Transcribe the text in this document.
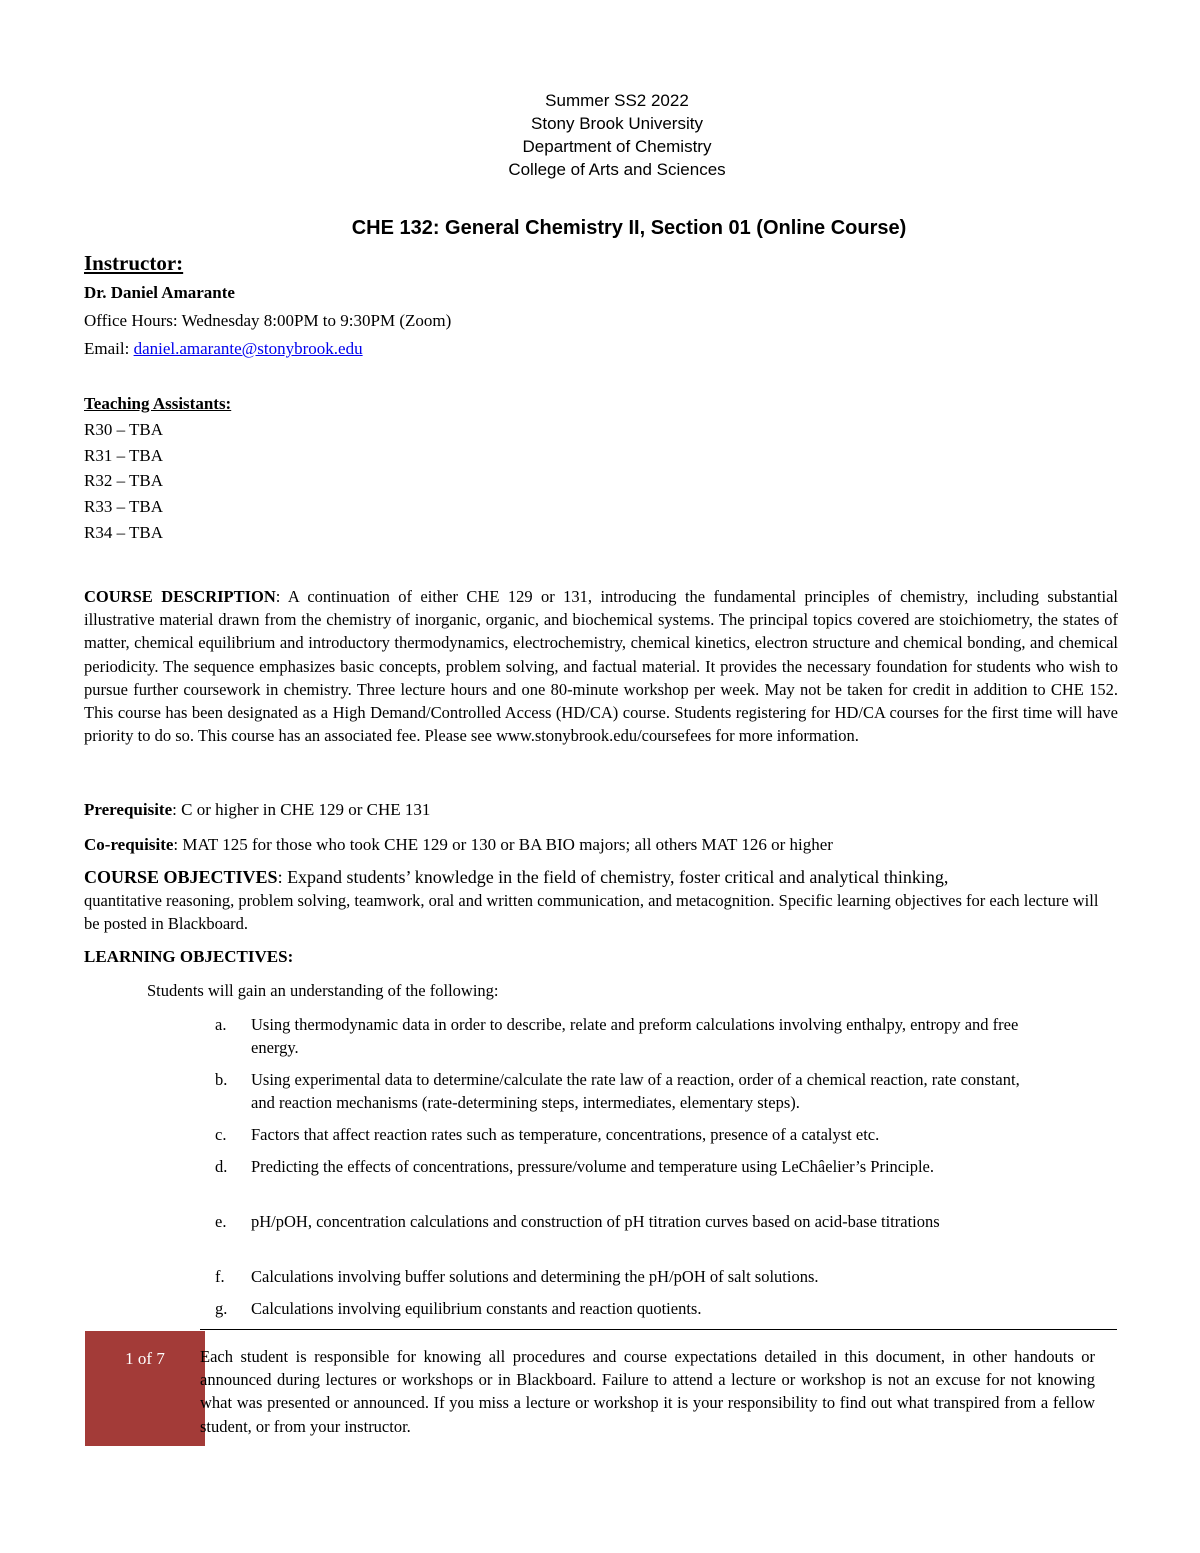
Summer SS2 2022
Stony Brook University
Department of Chemistry
College of Arts and Sciences
CHE 132: General Chemistry II, Section 01 (Online Course)
Instructor:
Dr. Daniel Amarante
Office Hours: Wednesday 8:00PM to 9:30PM (Zoom)
Email: daniel.amarante@stonybrook.edu
Teaching Assistants:
R30 – TBA
R31 – TBA
R32 – TBA
R33 – TBA
R34 – TBA
COURSE DESCRIPTION: A continuation of either CHE 129 or 131, introducing the fundamental principles of chemistry, including substantial illustrative material drawn from the chemistry of inorganic, organic, and biochemical systems. The principal topics covered are stoichiometry, the states of matter, chemical equilibrium and introductory thermodynamics, electrochemistry, chemical kinetics, electron structure and chemical bonding, and chemical periodicity. The sequence emphasizes basic concepts, problem solving, and factual material. It provides the necessary foundation for students who wish to pursue further coursework in chemistry. Three lecture hours and one 80-minute workshop per week. May not be taken for credit in addition to CHE 152. This course has been designated as a High Demand/Controlled Access (HD/CA) course. Students registering for HD/CA courses for the first time will have priority to do so. This course has an associated fee. Please see www.stonybrook.edu/coursefees for more information.
Prerequisite: C or higher in CHE 129 or CHE 131
Co-requisite: MAT 125 for those who took CHE 129 or 130 or BA BIO majors; all others MAT 126 or higher
COURSE OBJECTIVES: Expand students’ knowledge in the field of chemistry, foster critical and analytical thinking,
quantitative reasoning, problem solving, teamwork, oral and written communication, and metacognition. Specific learning objectives for each lecture will be posted in Blackboard.
LEARNING OBJECTIVES:
Students will gain an understanding of the following:
a. Using thermodynamic data in order to describe, relate and preform calculations involving enthalpy, entropy and free energy.
b. Using experimental data to determine/calculate the rate law of a reaction, order of a chemical reaction, rate constant, and reaction mechanisms (rate-determining steps, intermediates, elementary steps).
c. Factors that affect reaction rates such as temperature, concentrations, presence of a catalyst etc.
d. Predicting the effects of concentrations, pressure/volume and temperature using LeChâelier’s Principle.
e. pH/pOH, concentration calculations and construction of pH titration curves based on acid-base titrations
f. Calculations involving buffer solutions and determining the pH/pOH of salt solutions.
g. Calculations involving equilibrium constants and reaction quotients.
1 of 7	Each student is responsible for knowing all procedures and course expectations detailed in this document, in other handouts or announced during lectures or workshops or in Blackboard. Failure to attend a lecture or workshop is not an excuse for not knowing what was presented or announced. If you miss a lecture or workshop it is your responsibility to find out what transpired from a fellow student, or from your instructor.
